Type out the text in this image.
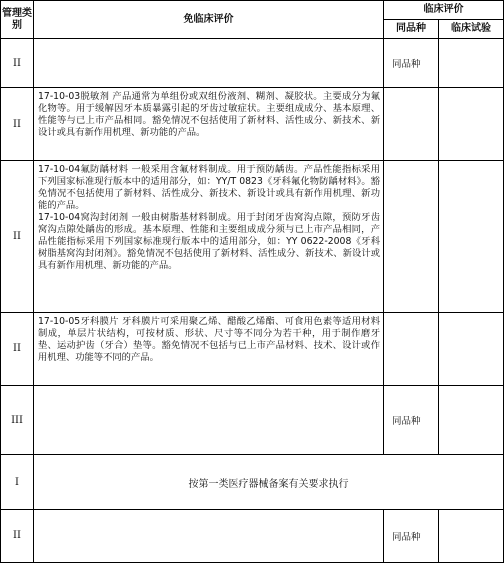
管理类别	免临床评价	临床评价	
		同品种	临床试验
II		同品种	
II	17-10-03脱敏剂 产品通常为单组份或双组份液剂、糊剂、凝胶状。主要成分为氟化物等。用于缓解因牙本质暴露引起的牙齿过敏症状。主要组成成分、基本原理、性能等与已上市产品相同。豁免情况不包括使用了新材料、活性成分、新技术、新设计或具有新作用机理、新功能的产品。		

II	17-10-04氟防龋材料 一般采用含氟材料制成。用于预防龋齿。产品性能指标采用下列国家标准现行版本中的适用部分，如：YY/T 0823《牙科氟化物防龋材料》。豁免情况不包括使用了新材料、活性成分、新技术、新设计或具有新作用机理、新功能的产品。

17-10-04窝沟封闭剂 一般由树脂基材料制成。用于封闭牙齿窝沟点隙，预防牙齿窝沟点隙处龋齿的形成。基本原理、性能和主要组成成分须与已上市产品相同，产品性能指标采用下列国家标准现行版本中的适用部分，如：YY 0622-2008《牙科树脂基窝沟封闭剂》。豁免情况不包括使用了新材料、活性成分、新技术、新设计或具有新作用机理、新功能的产品。		

II	17-10-05牙科膜片 牙科膜片可采用聚乙烯、醋酸乙烯酯、可食用色素等适用材料制成，单层片状结构，可按材质、形状、尺寸等不同分为若干种，用于制作磨牙垫、运动护齿（牙合）垫等。豁免情况不包括与已上市产品材料、技术、设计或作用机理、功能等不同的产品。		

III		同品种	
I	按第一类医疗器械备案有关要求执行		
II		同品种	
